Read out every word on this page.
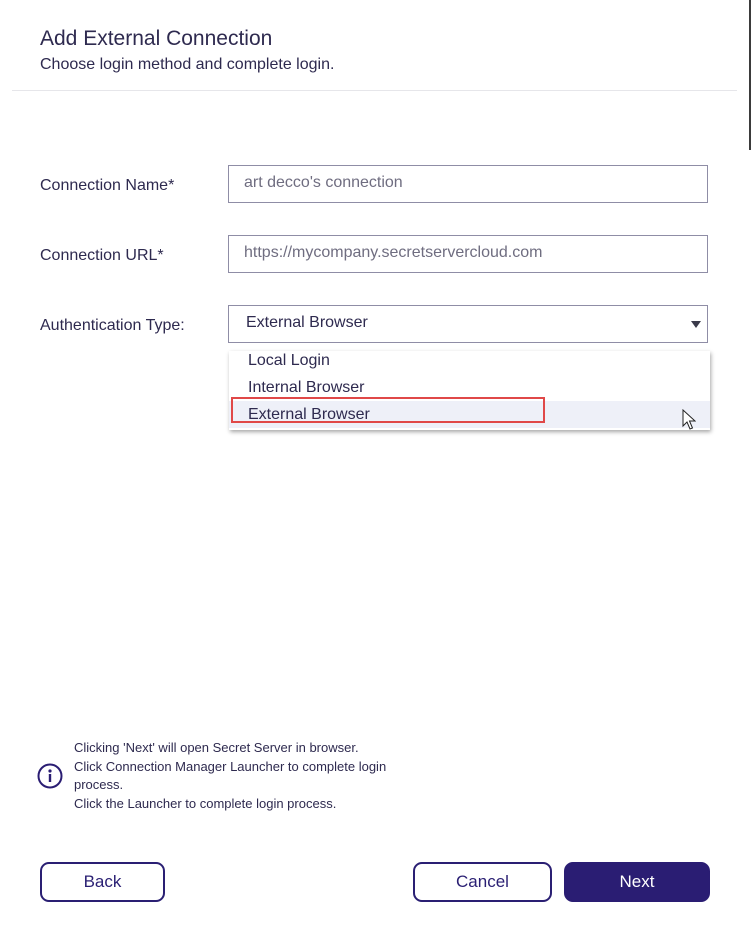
Add External Connection
Choose login method and complete login.
Connection Name*	art decco's connection
Connection URL*	https://mycompany.secretservercloud.com
Authentication Type:	External Browser
Local Login
Internal Browser
External Browser
Clicking 'Next' will open Secret Server in browser.
Click Connection Manager Launcher to complete login process.
Click the Launcher to complete login process.
Back	Cancel	Next
